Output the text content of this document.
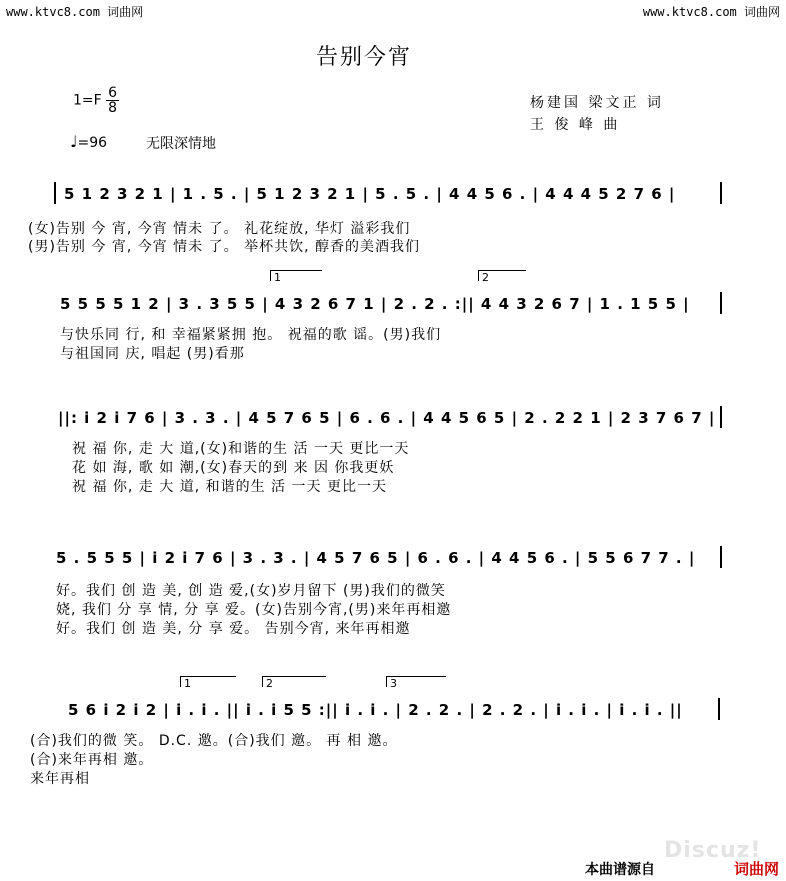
www.ktvc8.com 词曲网	www.ktvc8.com 词曲网
告别今宵
$1=F \frac{6}{8}$
♩=96	无限深情地
杨建国 梁文正 词
王 俊 峰 曲
5 1 2 3 2 1 | 1 . 5 . | 5 1 2 3 2 1 | 5 . 5 . | 4 4 5 6 . | 4 4 4 5 2 7 6 |
(女)告别 今 宵, 今宵 情未 了。 礼花绽放, 华灯 溢彩我们
(男)告别 今 宵, 今宵 情未 了。 举杯共饮, 醇香的美酒我们
1	2
5 5 5 5 1 2 | 3 . 3 5 5 | 4 3 2 6 7 1 | 2 . 2 . :|| 4 4 3 2 6 7 | 1 . 1 5 5 |
与快乐同 行, 和 幸福紧紧拥 抱。 祝福的歌 谣。(男)我们
与祖国同 庆, 唱起 (男)看那
||: i 2 i 7 6 | 3 . 3 . | 4 5 7 6 5 | 6 . 6 . | 4 4 5 6 5 | 2 . 2 2 1 | 2 3 7 6 7 |
祝 福 你, 走 大 道,(女)和谐的生 活 一天 更比一天
花 如 海, 歌 如 潮,(女)春天的到 来 因 你我更妖
祝 福 你, 走 大 道, 和谐的生 活 一天 更比一天
5 . 5 5 5 | i 2 i 7 6 | 3 . 3 . | 4 5 7 6 5 | 6 . 6 . | 4 4 5 6 . | 5 5 6 7 7 . |
好。我们 创 造 美, 创 造 爱,(女)岁月留下 (男)我们的微笑
娆, 我们 分 享 情, 分 享 爱。(女)告别今宵,(男)来年再相邀
好。我们 创 造 美, 分 享 爱。 告别今宵, 来年再相邀
1	2	3
5 6 i 2 i 2 | i . i . || i . i 5 5 :|| i . i . | 2 . 2 . | 2 . 2 . | i . i . | i . i . ||
(合)我们的微 笑。 D.C. 邀。(合)我们 邀。 再 相 邀。
(合)来年再相 邀。
来年再相
Discuz!
本曲谱源自	词曲网
